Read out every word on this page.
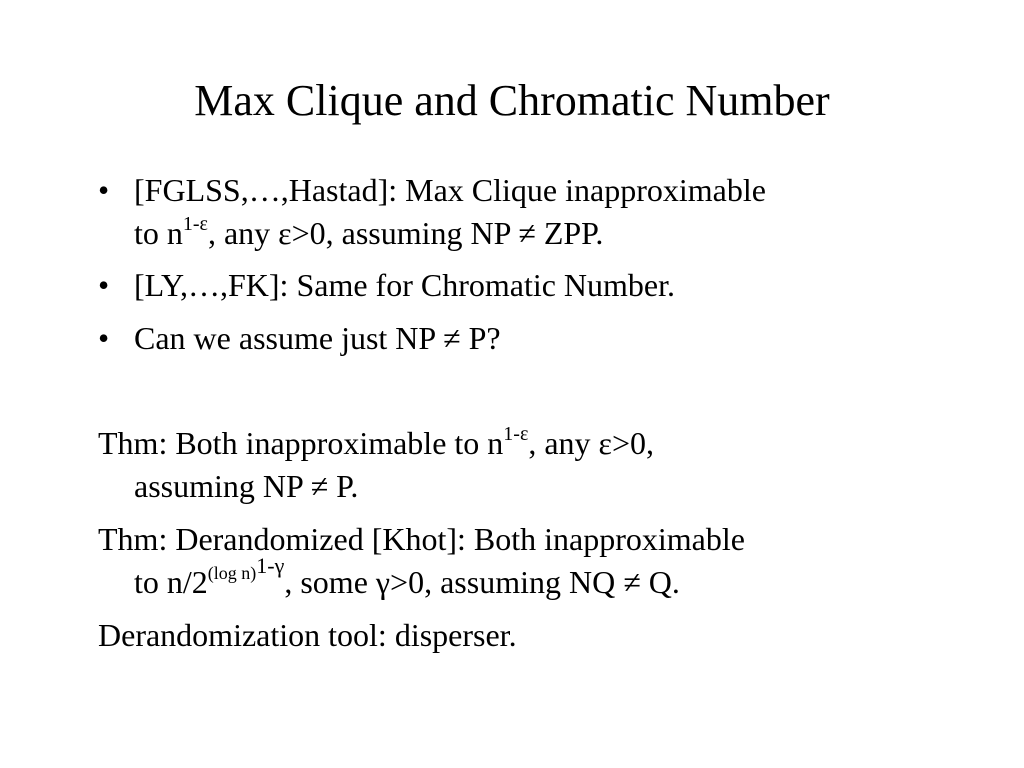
Max Clique and Chromatic Number
• [FGLSS,…,Hastad]: Max Clique inapproximable
to $n^{1-\varepsilon}$, any ε>0, assuming NP ≠ ZPP.
• [LY,…,FK]: Same for Chromatic Number.
• Can we assume just NP ≠ P?
Thm: Both inapproximable to $n^{1-\varepsilon}$, any ε>0,
assuming NP ≠ P.
Thm: Derandomized [Khot]: Both inapproximable
to $n/2^{(log n)1-\gamma}$, some γ>0, assuming NQ ≠ Q.
Derandomization tool: disperser.
